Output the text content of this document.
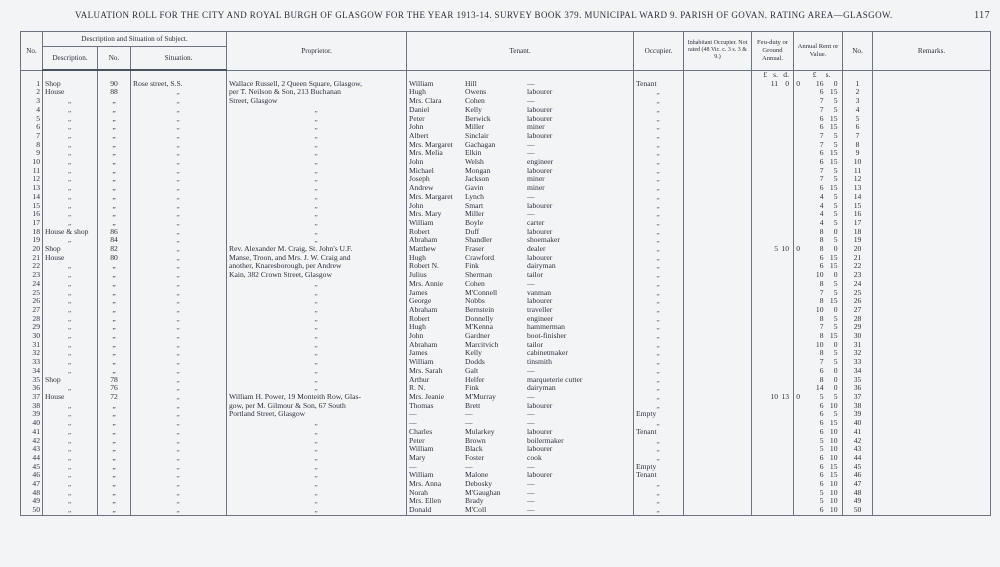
VALUATION ROLL FOR THE CITY AND ROYAL BURGH OF GLASGOW FOR THE YEAR 1913-14. SURVEY BOOK 379. MUNICIPAL WARD 9. PARISH OF GOVAN. RATING AREA—GLASGOW.	117
No.	Description and Situation of Subject.			Proprietor.	Tenant.	Occupier.	Inhabitant Occupier. Not rated (48 Vic. c. 3 s. 3 & 9.)	Feu-duty or Ground Annual.	Annual Rent or Value.	No.	Remarks.
	Description.	No.	Situation.								
								£ s. d.	£ s.		
1	Shop	90	Rose street, S.S.	Wallace Russell, 2 Queen Square, Glasgow,	William Hill —	Tenant		11 0 0	16 0	1	
2	House	88	„	per T. Neilson & Son, 213 Buchanan	Hugh Owens labourer	„			6 15	2	
3	„	„	„	Street, Glasgow	Mrs. Clara Cohen —	„			7 5	3	
4	„	„	„	„	Daniel Kelly labourer	„			7 5	4	
5	„	„	„	„	Peter Berwick labourer	„			6 15	5	
6	„	„	„	„	John Miller miner	„			6 15	6	
7	„	„	„	„	Albert Sinclair labourer	„			7 5	7	
8	„	„	„	„	Mrs. Margaret Gachagan —	„			7 5	8	
9	„	„	„	„	Mrs. Melia Elkin —	„			6 15	9	
10	„	„	„	„	John Welsh engineer	„			6 15	10	
11	„	„	„	„	Michael Mongan labourer	„			7 5	11	
12	„	„	„	„	Joseph Jackson miner	„			7 5	12	
13	„	„	„	„	Andrew Gavin miner	„			6 15	13	
14	„	„	„	„	Mrs. Margaret Lynch —	„			4 5	14	
15	„	„	„	„	John Smart labourer	„			4 5	15	
16	„	„	„	„	Mrs. Mary Miller —	„			4 5	16	
17	„	„	„	„	William Boyle carter	„			4 5	17	
18	House & shop	86	„	„	Robert Duff labourer	„			8 0	18	
19	„	84	„	„	Abraham Shandler shoemaker	„			8 5	19	
20	Shop	82	„	Rev. Alexander M. Craig, St. John's U.F.	Matthew Fraser dealer	„		5 10 0	8 0	20	
21	House	80	„	Manse, Troon, and Mrs. J. W. Craig and	Hugh Crawford labourer	„			6 15	21	
22	„	„	„	another, Knaresborough, per Andrew	Robert N. Fink dairyman	„			6 15	22	
23	„	„	„	Kain, 382 Crown Street, Glasgow	Julius Sherman tailor	„			10 0	23	
24	„	„	„	„	Mrs. Annie Cohen —	„			8 5	24	
25	„	„	„	„	James M'Connell vanman	„			7 5	25	
26	„	„	„	„	George Nobbs labourer	„			8 15	26	
27	„	„	„	„	Abraham Bernstein traveller	„			10 0	27	
28	„	„	„	„	Robert Donnelly engineer	„			8 5	28	
29	„	„	„	„	Hugh M'Kenna hammerman	„			7 5	29	
30	„	„	„	„	John Gardner boot-finisher	„			8 15	30	
31	„	„	„	„	Abraham Marcitvich tailor	„			10 0	31	
32	„	„	„	„	James Kelly cabinetmaker	„			8 5	32	
33	„	„	„	„	William Dodds tinsmith	„			7 5	33	
34	„	„	„	„	Mrs. Sarah Galt —	„			6 0	34	
35	Shop	78	„	„	Arthur Helfer marqueterie cutter	„			8 0	35	
36	„	76	„	„	R. N. Fink dairyman	„			14 0	36	
37	House	72	„	William H. Power, 19 Monteith Row, Glas-	Mrs. Jeanie M'Murray —	„		10 13 0	5 5	37	
38	„	„	„	gow, per M. Gilmour & Son, 67 South	Thomas Brett labourer	„			6 10	38	
39	„	„	„	Portland Street, Glasgow	— — —	Empty			6 5	39	
40	„	„	„	„	— — —	„			6 15	40	
41	„	„	„	„	Charles Mularkey labourer	Tenant			6 10	41	
42	„	„	„	„	Peter Brown boilermaker	„			5 10	42	
43	„	„	„	„	William Black labourer	„			5 10	43	
44	„	„	„	„	Mary Foster cook	„			6 10	44	
45	„	„	„	„	— — —	Empty			6 15	45	
46	„	„	„	„	William Malone labourer	Tenant			6 15	46	
47	„	„	„	„	Mrs. Anna Debosky —	„			6 10	47	
48	„	„	„	„	Norah M'Gaughan —	„			5 10	48	
49	„	„	„	„	Mrs. Ellen Brady —	„			5 10	49	
50	„	„	„	„	Donald M'Coll —	„			6 10	50	
